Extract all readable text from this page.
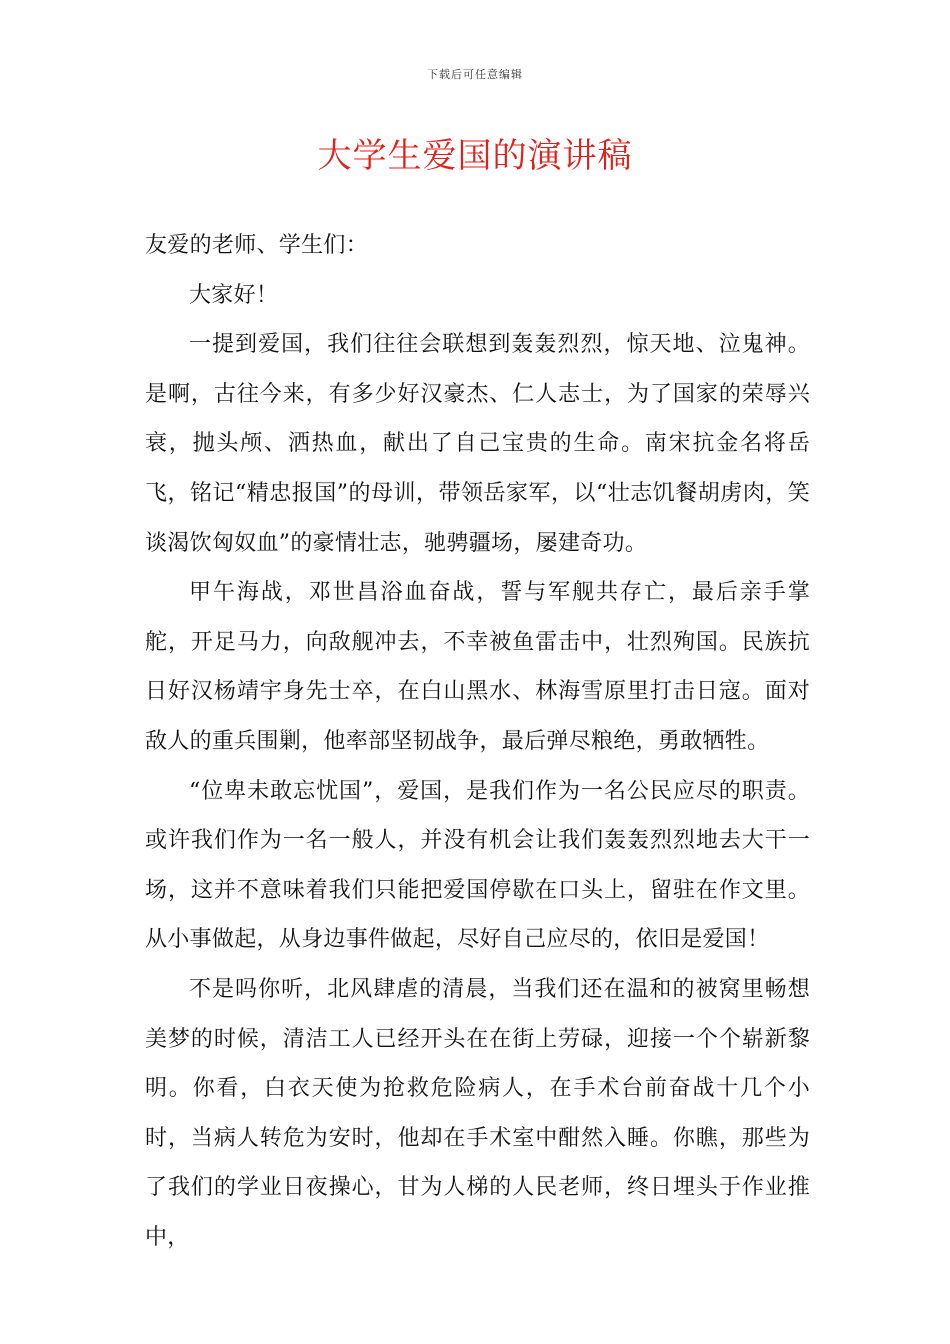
下载后可任意编辑
大学生爱国的演讲稿

友爱的老师、学生们：

大家好！

一提到爱国，我们往往会联想到轰轰烈烈，惊天地、泣鬼神。是啊，古往今来，有多少好汉豪杰、仁人志士，为了国家的荣辱兴衰，抛头颅、洒热血，献出了自己宝贵的生命。南宋抗金名将岳飞，铭记“精忠报国”的母训，带领岳家军，以“壮志饥餐胡虏肉，笑谈渴饮匈奴血”的豪情壮志，驰骋疆场，屡建奇功。

甲午海战，邓世昌浴血奋战，誓与军舰共存亡，最后亲手掌舵，开足马力，向敌舰冲去，不幸被鱼雷击中，壮烈殉国。民族抗日好汉杨靖宇身先士卒，在白山黑水、林海雪原里打击日寇。面对敌人的重兵围剿，他率部坚韧战争，最后弹尽粮绝，勇敢牺牲。

“位卑未敢忘忧国”，爱国，是我们作为一名公民应尽的职责。或许我们作为一名一般人，并没有机会让我们轰轰烈烈地去大干一场，这并不意味着我们只能把爱国停歇在口头上，留驻在作文里。从小事做起，从身边事件做起，尽好自己应尽的，依旧是爱国！

不是吗你听，北风肆虐的清晨，当我们还在温和的被窝里畅想美梦的时候，清洁工人已经开头在在街上劳碌，迎接一个个崭新黎明。你看，白衣天使为抢救危险病人，在手术台前奋战十几个小时，当病人转危为安时，他却在手术室中酣然入睡。你瞧，那些为了我们的学业日夜操心，甘为人梯的人民老师，终日埋头于作业推中，
